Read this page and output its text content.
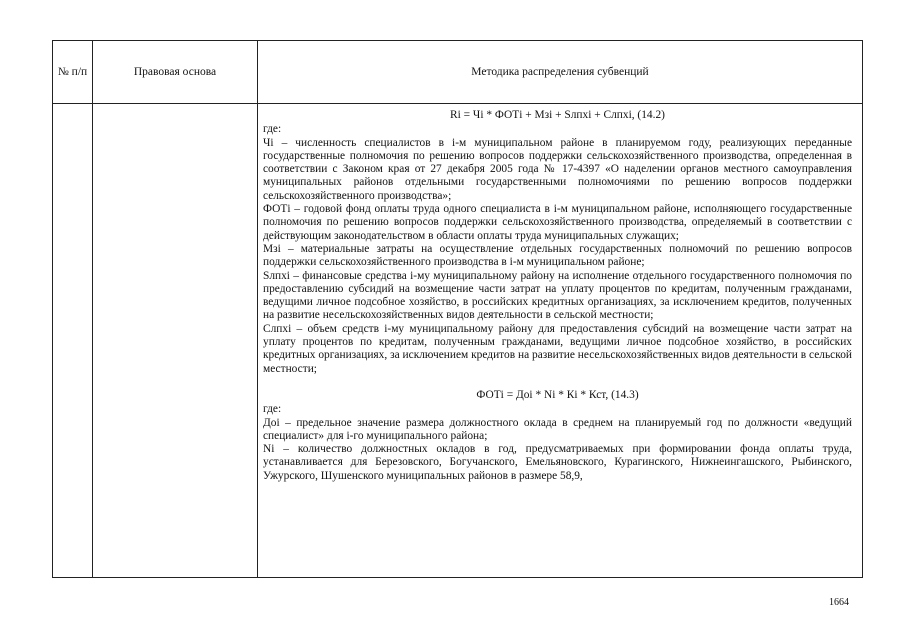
№ п/п	Правовая основа	Методика распределения субвенций

Ri = Чi * ФОТi + Мзi + Sлпхi + Cлпхi, (14.2)

где:

Чi – численность специалистов в i-м муниципальном районе в планируемом году, реализующих переданные государственные полномочия по решению вопросов поддержки сельскохозяйственного производства, определенная в соответствии с Законом края от 27 декабря 2005 года № 17-4397 «О наделении органов местного самоуправления муниципальных районов отдельными государственными полномочиями по решению вопросов поддержки сельскохозяйственного производства»;

ФОТi – годовой фонд оплаты труда одного специалиста в i-м муниципальном районе, исполняющего государственные полномочия по решению вопросов поддержки сельскохозяйственного производства, определяемый в соответствии с действующим законодательством в области оплаты труда муниципальных служащих;

Мзi – материальные затраты на осуществление отдельных государственных полномочий по решению вопросов поддержки сельскохозяйственного производства в i-м муниципальном районе;

Sлпхi – финансовые средства i-му муниципальному району на исполнение отдельного государственного полномочия по предоставлению субсидий на возмещение части затрат на уплату процентов по кредитам, полученным гражданами, ведущими личное подсобное хозяйство, в российских кредитных организациях, за исключением кредитов, полученных на развитие несельскохозяйственных видов деятельности в сельской местности;

Cлпхi – объем средств i-му муниципальному району для предоставления субсидий на возмещение части затрат на уплату процентов по кредитам, полученным гражданами, ведущими личное подсобное хозяйство, в российских кредитных организациях, за исключением кредитов на развитие несельскохозяйственных видов деятельности в сельской местности;

ФОТi = Доi * Ni * Кi * Кст, (14.3)

где:

Доi – предельное значение размера должностного оклада в среднем на планируемый год по должности «ведущий специалист» для i-го муниципального района;

Ni – количество должностных окладов в год, предусматриваемых при формировании фонда оплаты труда, устанавливается для Березовского, Богучанского, Емельяновского, Курагинского, Нижнеингашского, Рыбинского, Ужурского, Шушенского муниципальных районов в размере 58,9,

1664
